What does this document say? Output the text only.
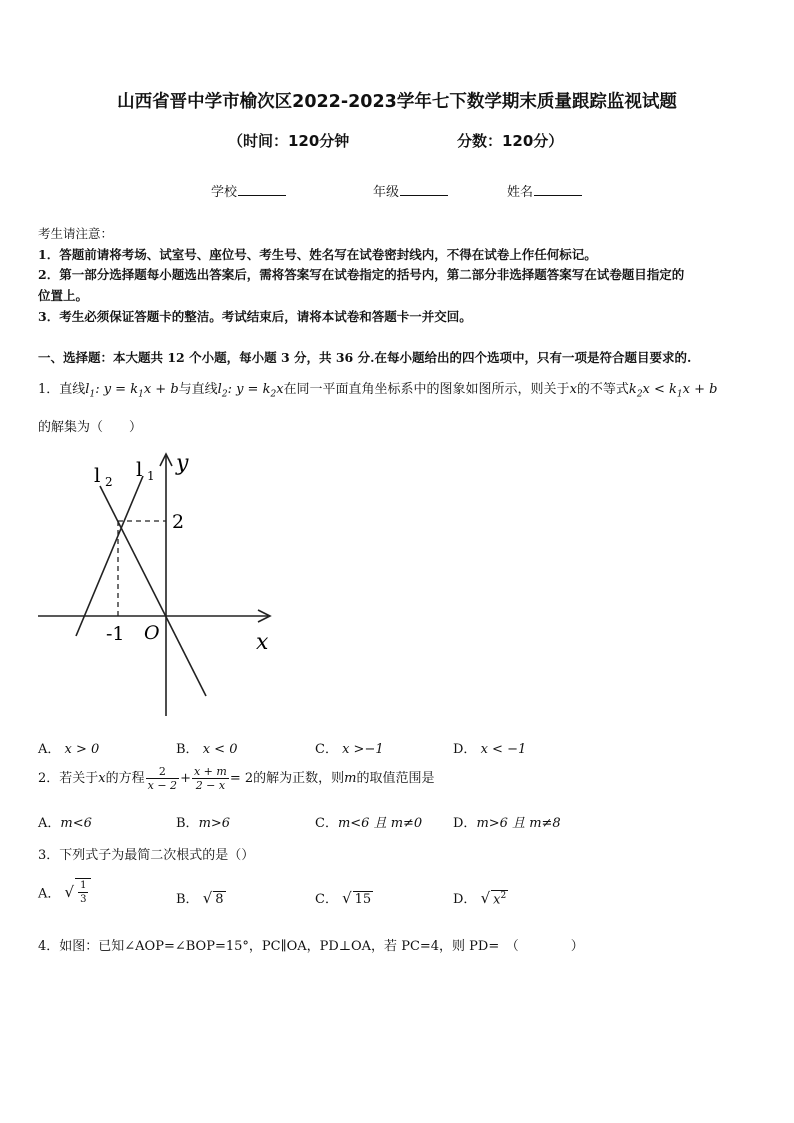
山西省晋中学市榆次区2022-2023学年七下数学期末质量跟踪监视试题
（时间：120分钟	分数：120分）
学校	年级	姓名
考生请注意：
1．答题前请将考场、试室号、座位号、考生号、姓名写在试卷密封线内，不得在试卷上作任何标记。
2．第一部分选择题每小题选出答案后，需将答案写在试卷指定的括号内，第二部分非选择题答案写在试卷题目指定的
位置上。
3．考生必须保证答题卡的整洁。考试结束后，请将本试卷和答题卡一并交回。
一、选择题：本大题共 12 个小题，每小题 3 分，共 36 分.在每小题给出的四个选项中，只有一项是符合题目要求的.
1．直线$l_1$: $y = k_1x + b$与直线$l_2$: $y = k_2x$在同一平面直角坐标系中的图象如图所示，则关于x的不等式$k_2x < k_1x + b$
的解集为（　　）
l 2
l 1 y
2
-1 O	x
A． x > 0	B． x < 0	C． x >−1	D． x < −1
2．若关于x的方程 $\frac{2}{x - 2} + \frac{x + m}{2 - x} = 2$的解为正数，则m的取值范围是
A．m<6	B．m>6	C．m<6 且 m≠0 D．m>6 且 m≠8
3．下列式子为最简二次根式的是（）
A． √ $\frac{1}{3}$	B． √ 8	C． √ 15	D． √ $x^2$
4．如图：已知∠AOP=∠BOP=15°，PC∥OA，PD⊥OA，若 PC=4，则 PD=　（　　　　）
